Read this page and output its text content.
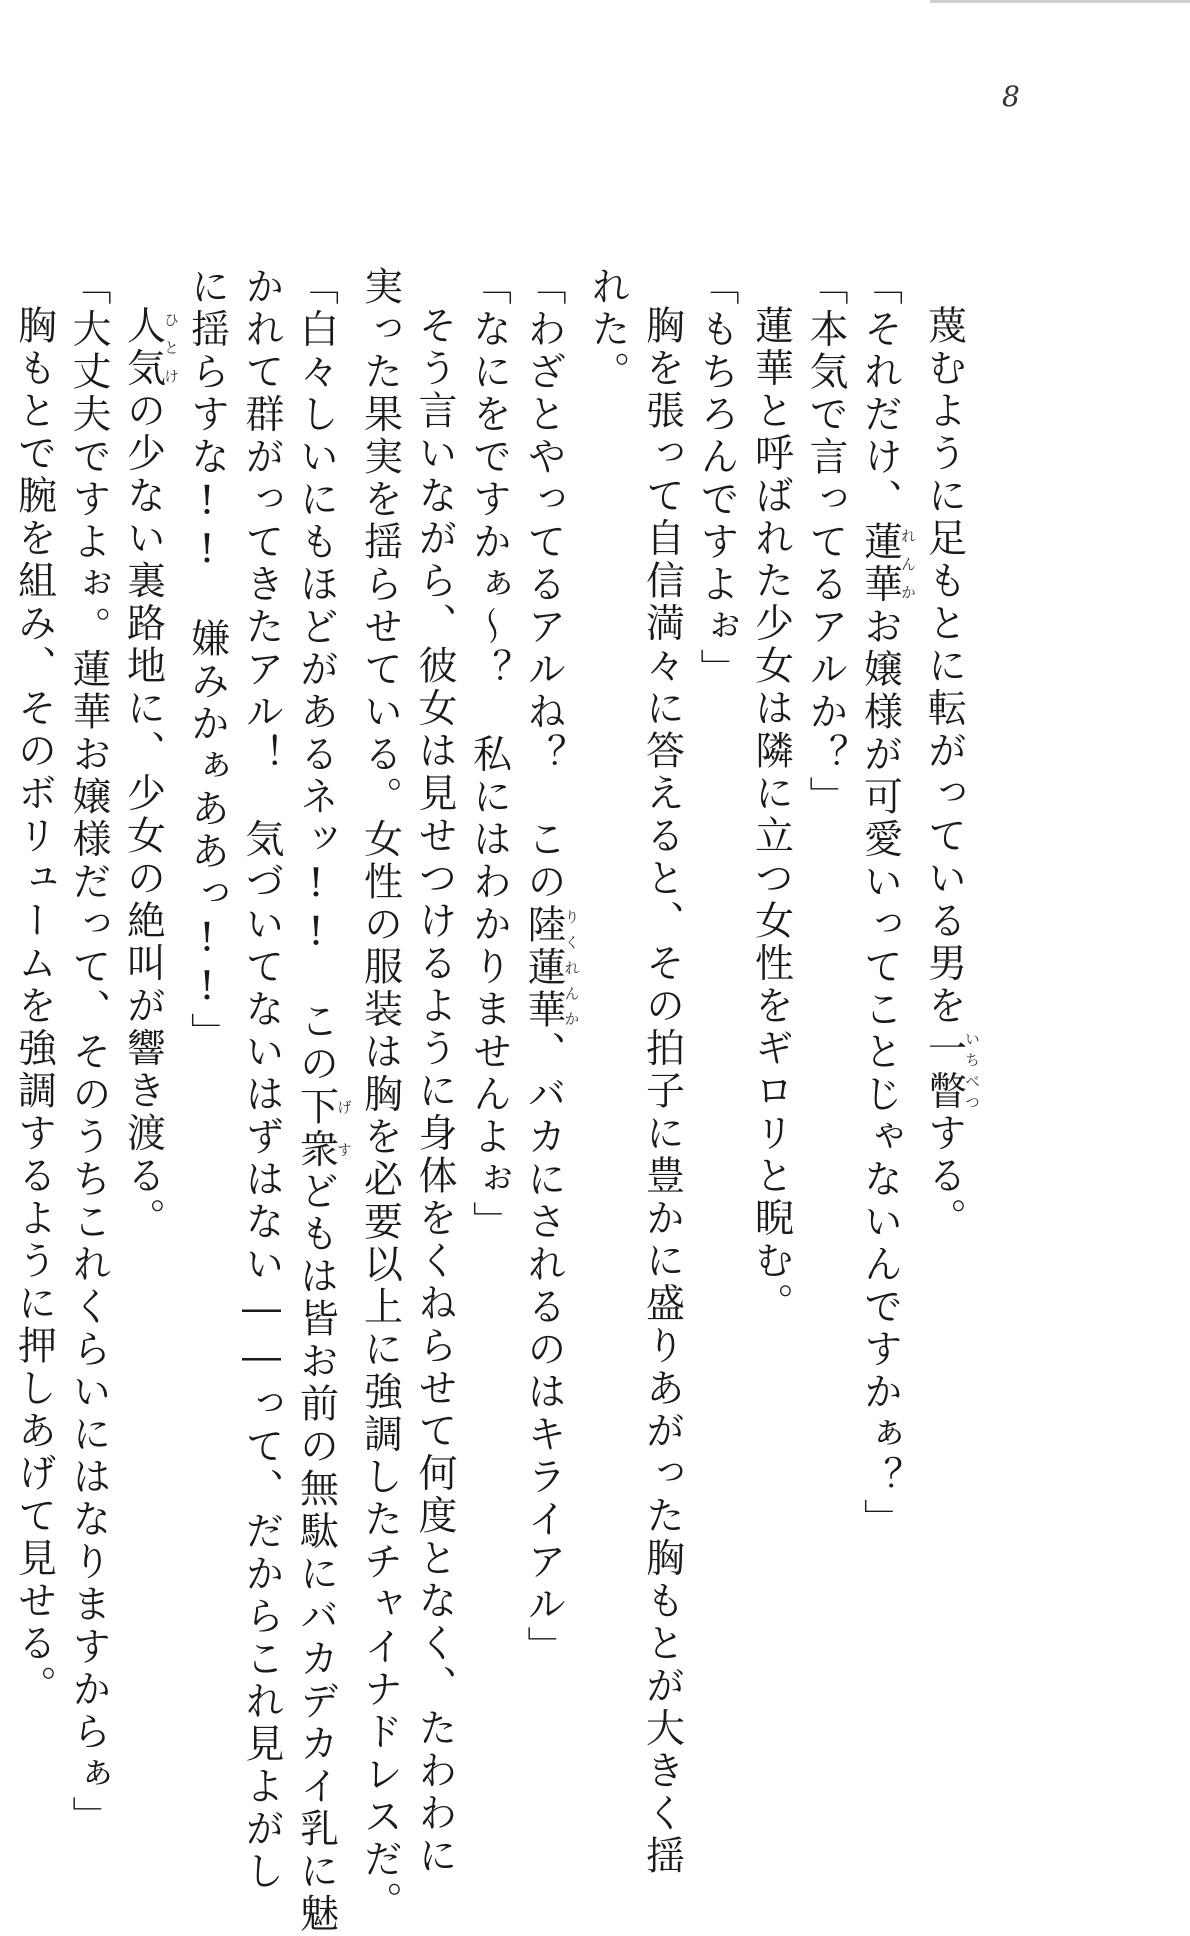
8
蔑むように足もとに転がっている男を一瞥いちべつする。
「それだけ、蓮華れんかお嬢様が可愛いってことじゃないんですかぁ？」
「本気で言ってるアルか？」
蓮華と呼ばれた少女は隣に立つ女性をギロリと睨む。
「もちろんですよぉ」
胸を張って自信満々に答えると、その拍子に豊かに盛りあがった胸もとが大きく揺
れた。
「わざとやってるアルね？　この陸蓮華りくれんか、バカにされるのはキライアル」
「なにをですかぁ～？　私にはわかりませんよぉ」
そう言いながら、彼女は見せつけるように身体をくねらせて何度となく、たわわに
実った果実を揺らせている。女性の服装は胸を必要以上に強調したチャイナドレスだ。
「白々しいにもほどがあるネッ!!　この下衆げすどもは皆お前の無駄にバカデカイ乳に魅
かれて群がってきたアル！　気づいてないはずはない――って、だからこれ見よがし
に揺らすな!!　嫌みかぁああっ!!」
人気ひとけの少ない裏路地に、少女の絶叫が響き渡る。
「大丈夫ですよぉ。蓮華お嬢様だって、そのうちこれくらいにはなりますからぁ」
胸もとで腕を組み、そのボリュームを強調するように押しあげて見せる。
